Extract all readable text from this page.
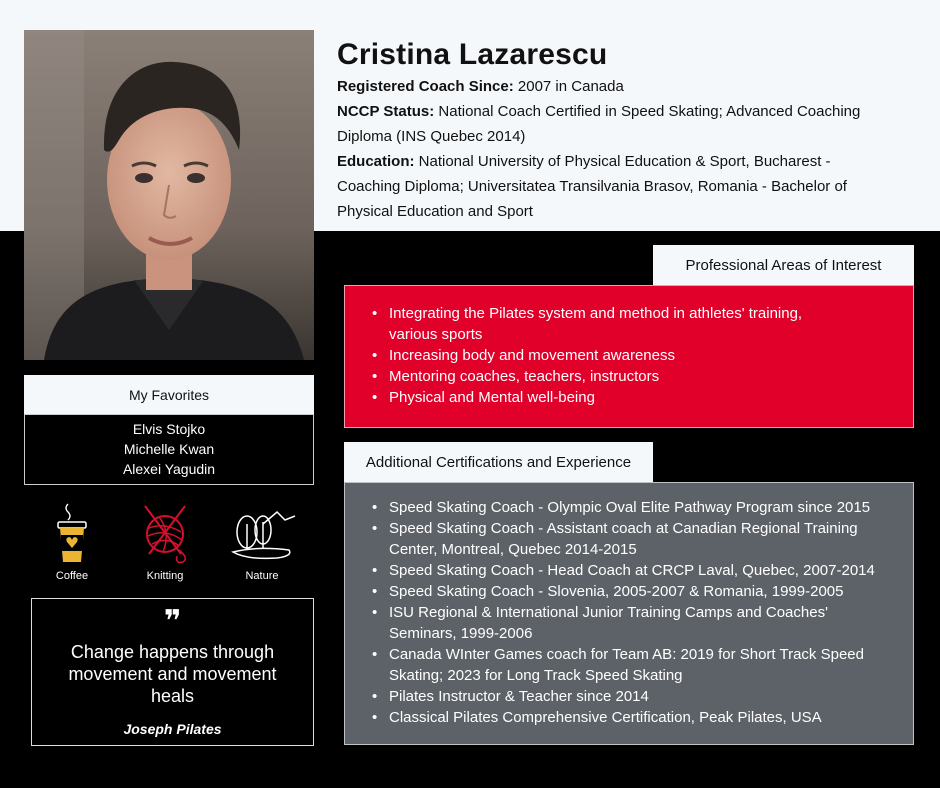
Cristina Lazarescu

Registered Coach Since: 2007 in Canada

NCCP Status: National Coach Certified in Speed Skating; Advanced Coaching Diploma (INS Quebec 2014)

Education: National University of Physical Education & Sport, Bucharest - Coaching Diploma; Universitatea Transilvania Brasov, Romania - Bachelor of Physical Education and Sport

Professional Areas of Interest
• Integrating the Pilates system and method in athletes' training, various sports
• Increasing body and movement awareness
• Mentoring coaches, teachers, instructors
• Physical and Mental well-being
Additional Certifications and Experience
• Speed Skating Coach - Olympic Oval Elite Pathway Program since 2015
• Speed Skating Coach - Assistant coach at Canadian Regional Training Center, Montreal, Quebec 2014-2015
• Speed Skating Coach - Head Coach at CRCP Laval, Quebec, 2007-2014
• Speed Skating Coach - Slovenia, 2005-2007 & Romania, 1999-2005
• ISU Regional & International Junior Training Camps and Coaches' Seminars, 1999-2006
• Canada WInter Games coach for Team AB: 2019 for Short Track Speed Skating; 2023 for Long Track Speed Skating
• Pilates Instructor & Teacher since 2014
• Classical Pilates Comprehensive Certification, Peak Pilates, USA
My Favorites
Elvis Stojko
Michelle Kwan
Alexei Yagudin
Coffee	Knitting	Nature
❞
Change happens through movement and movement heals
Joseph Pilates
